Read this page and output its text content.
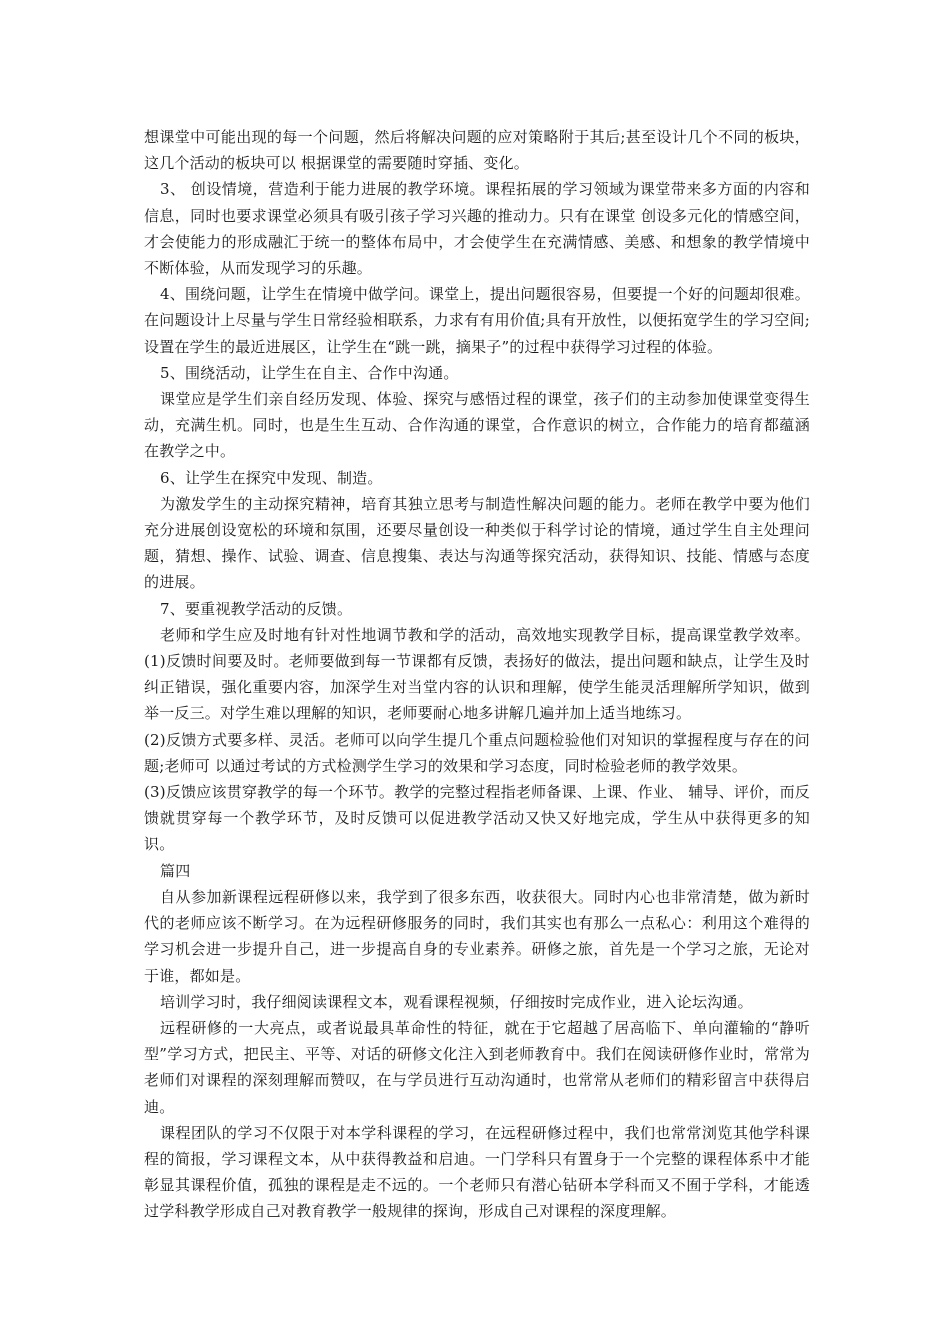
想课堂中可能出现的每一个问题，然后将解决问题的应对策略附于其后;甚至设计几个不同的板块，这几个活动的板块可以 根据课堂的需要随时穿插、变化。

3、 创设情境，营造利于能力进展的教学环境。课程拓展的学习领域为课堂带来多方面的内容和信息，同时也要求课堂必须具有吸引孩子学习兴趣的推动力。只有在课堂 创设多元化的情感空间，才会使能力的形成融汇于统一的整体布局中，才会使学生在充满情感、美感、和想象的教学情境中不断体验，从而发现学习的乐趣。

4、围绕问题，让学生在情境中做学问。课堂上，提出问题很容易，但要提一个好的问题却很难。在问题设计上尽量与学生日常经验相联系，力求有有用价值;具有开放性，以便拓宽学生的学习空间;设置在学生的最近进展区，让学生在“跳一跳，摘果子”的过程中获得学习过程的体验。

5、围绕活动，让学生在自主、合作中沟通。

课堂应是学生们亲自经历发现、体验、探究与感悟过程的课堂，孩子们的主动参加使课堂变得生动，充满生机。同时，也是生生互动、合作沟通的课堂，合作意识的树立，合作能力的培育都蕴涵在教学之中。

6、让学生在探究中发现、制造。

为激发学生的主动探究精神，培育其独立思考与制造性解决问题的能力。老师在教学中要为他们充分进展创设宽松的环境和氛围，还要尽量创设一种类似于科学讨论的情境，通过学生自主处理问题，猜想、操作、试验、调查、信息搜集、表达与沟通等探究活动，获得知识、技能、情感与态度的进展。

7、要重视教学活动的反馈。

老师和学生应及时地有针对性地调节教和学的活动，高效地实现教学目标，提高课堂教学效率。(1)反馈时间要及时。老师要做到每一节课都有反馈，表扬好的做法，提出问题和缺点，让学生及时纠正错误，强化重要内容，加深学生对当堂内容的认识和理解，使学生能灵活理解所学知识，做到举一反三。对学生难以理解的知识，老师要耐心地多讲解几遍并加上适当地练习。

(2)反馈方式要多样、灵活。老师可以向学生提几个重点问题检验他们对知识的掌握程度与存在的问题;老师可 以通过考试的方式检测学生学习的效果和学习态度，同时检验老师的教学效果。

(3)反馈应该贯穿教学的每一个环节。教学的完整过程指老师备课、上课、作业、 辅导、评价，而反馈就贯穿每一个教学环节，及时反馈可以促进教学活动又快又好地完成，学生从中获得更多的知识。

篇四

自从参加新课程远程研修以来，我学到了很多东西，收获很大。同时内心也非常清楚，做为新时代的老师应该不断学习。在为远程研修服务的同时，我们其实也有那么一点私心：利用这个难得的学习机会进一步提升自己，进一步提高自身的专业素养。研修之旅，首先是一个学习之旅，无论对于谁，都如是。

培训学习时，我仔细阅读课程文本，观看课程视频，仔细按时完成作业，进入论坛沟通。

远程研修的一大亮点，或者说最具革命性的特征，就在于它超越了居高临下、单向灌输的“静听型”学习方式，把民主、平等、对话的研修文化注入到老师教育中。我们在阅读研修作业时，常常为老师们对课程的深刻理解而赞叹，在与学员进行互动沟通时，也常常从老师们的精彩留言中获得启迪。

课程团队的学习不仅限于对本学科课程的学习，在远程研修过程中，我们也常常浏览其他学科课程的简报，学习课程文本，从中获得教益和启迪。一门学科只有置身于一个完整的课程体系中才能彰显其课程价值，孤独的课程是走不远的。一个老师只有潜心钻研本学科而又不囿于学科，才能透过学科教学形成自己对教育教学一般规律的探询，形成自己对课程的深度理解。
